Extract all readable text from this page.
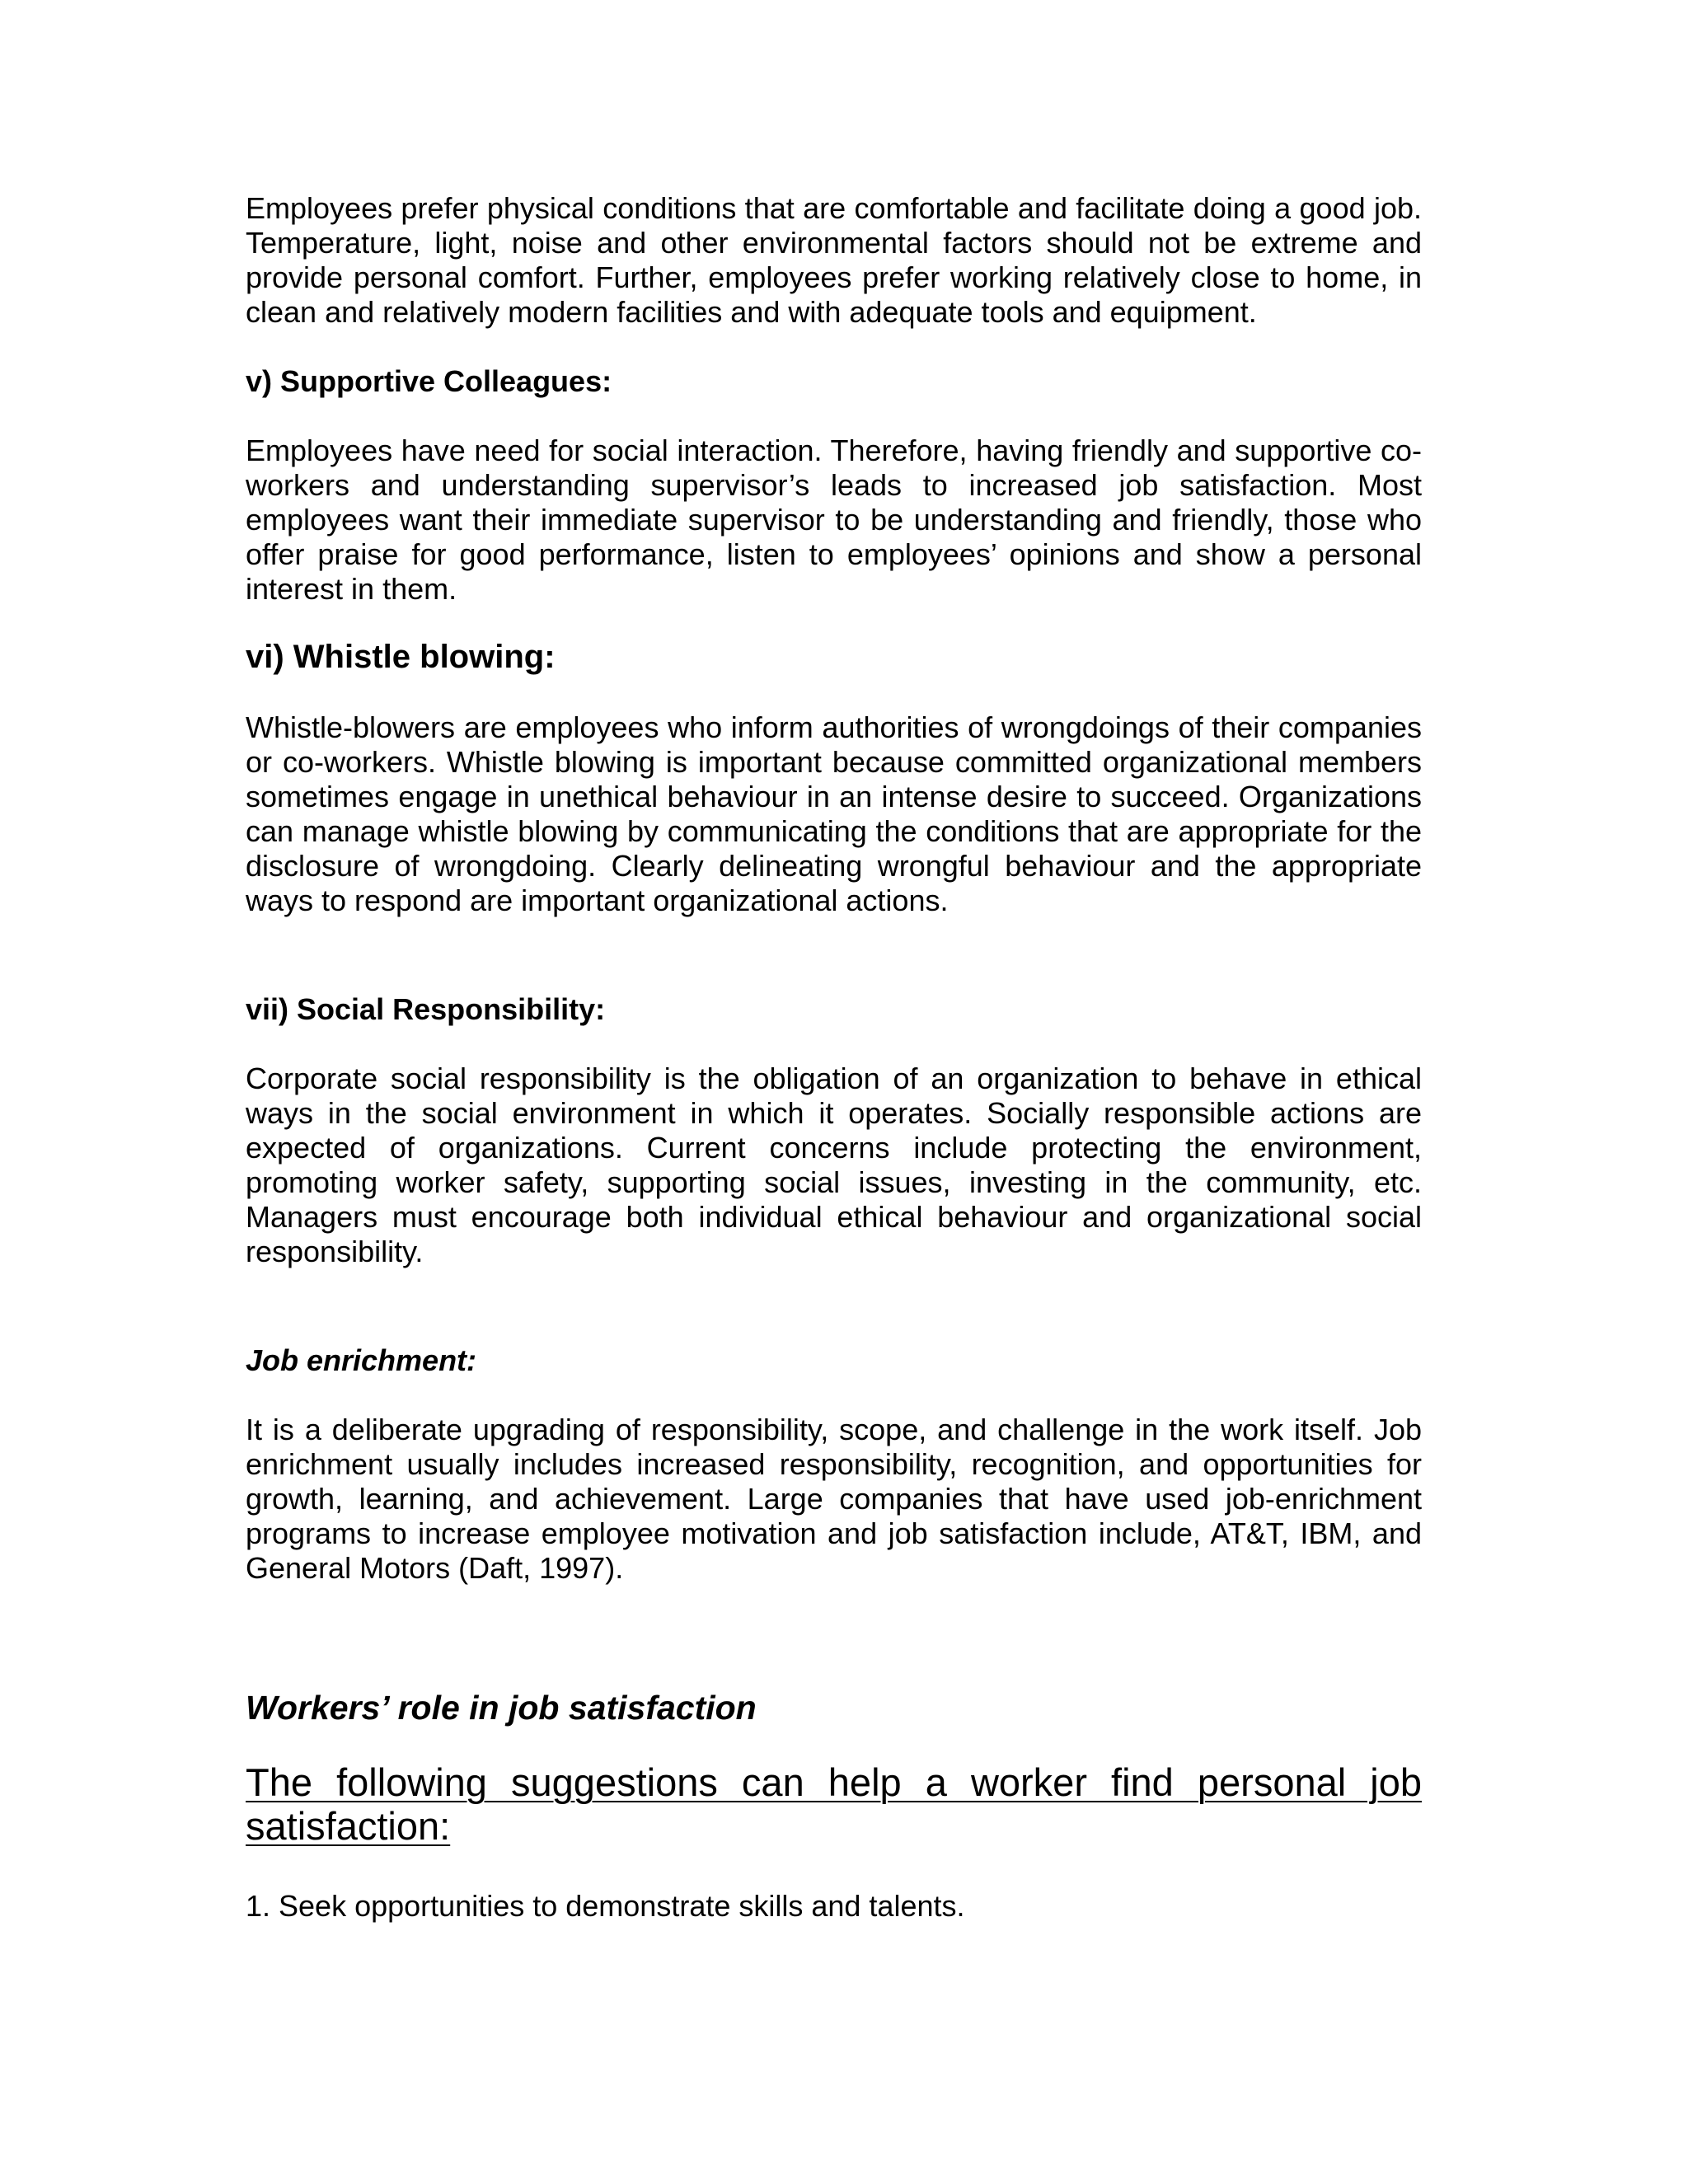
Employees prefer physical conditions that are comfortable and facilitate doing a good job. Temperature, light, noise and other environmental factors should not be extreme and provide personal comfort. Further, employees prefer working relatively close to home, in clean and relatively modern facilities and with adequate tools and equipment.

v) Supportive Colleagues:

Employees have need for social interaction. Therefore, having friendly and supportive co-workers and understanding supervisor’s leads to increased job satisfaction. Most employees want their immediate supervisor to be understanding and friendly, those who offer praise for good performance, listen to employees’ opinions and show a personal interest in them.

vi) Whistle blowing:

Whistle-blowers are employees who inform authorities of wrongdoings of their companies or co-workers. Whistle blowing is important because committed organizational members sometimes engage in unethical behaviour in an intense desire to succeed. Organizations can manage whistle blowing by communicating the conditions that are appropriate for the disclosure of wrongdoing. Clearly delineating wrongful behaviour and the appropriate ways to respond are important organizational actions.

vii) Social Responsibility:

Corporate social responsibility is the obligation of an organization to behave in ethical ways in the social environment in which it operates. Socially responsible actions are expected of organizations. Current concerns include protecting the environment, promoting worker safety, supporting social issues, investing in the community, etc. Managers must encourage both individual ethical behaviour and organizational social responsibility.

Job enrichment:

It is a deliberate upgrading of responsibility, scope, and challenge in the work itself. Job enrichment usually includes increased responsibility, recognition, and opportunities for growth, learning, and achievement. Large companies that have used job-enrichment programs to increase employee motivation and job satisfaction include, AT&T, IBM, and General Motors (Daft, 1997).

Workers’ role in job satisfaction

The following suggestions can help a worker find personal job satisfaction:

1. Seek opportunities to demonstrate skills and talents.
